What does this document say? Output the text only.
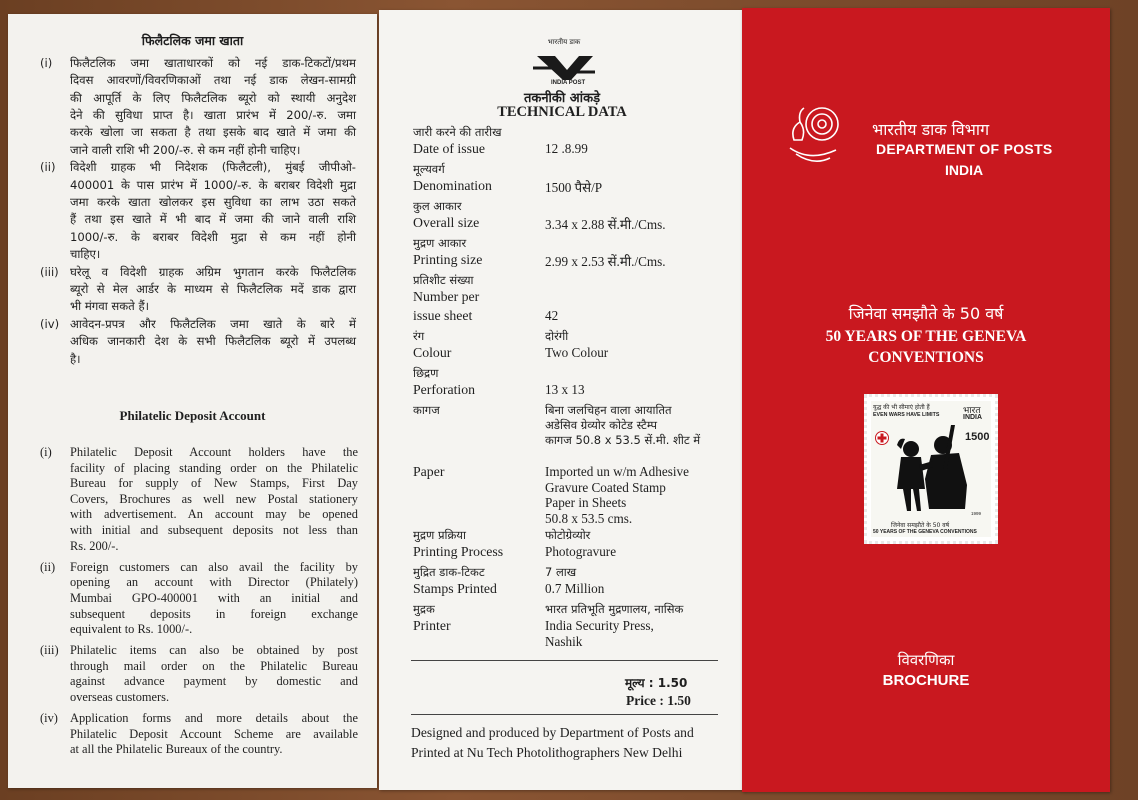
फिलैटलिक जमा खाता
(i) फिलैटलिक जमा खाताधारकों को नई डाक-टिकटों/प्रथम
दिवस आवरणों/विवरणिकाओं तथा नई डाक लेखन-सामग्री
की आपूर्ति के लिए फिलैटलिक ब्यूरो को स्थायी अनुदेश
देने की सुविधा प्राप्त है। खाता प्रारंभ में 200/-रु. जमा
करके खोला जा सकता है तथा इसके बाद खाते में जमा की
जाने वाली राशि भी 200/-रु. से कम नहीं होनी चाहिए।
(ii) विदेशी ग्राहक भी निदेशक (फिलैटली), मुंबई जीपीओ-
400001 के पास प्रारंभ में 1000/-रु. के बराबर विदेशी मुद्रा
जमा करके खाता खोलकर इस सुविधा का लाभ उठा सकते
हैं तथा इस खाते में भी बाद में जमा की जाने वाली राशि
1000/-रु. के बराबर विदेशी मुद्रा से कम नहीं होनी
चाहिए।
(iii) घरेलू व विदेशी ग्राहक अग्रिम भुगतान करके फिलैटलिक
ब्यूरो से मेल आर्डर के माध्यम से फिलैटलिक मदें डाक द्वारा
भी मंगवा सकते हैं।
(iv) आवेदन-प्रपत्र और फिलैटलिक जमा खाते के बारे में
अधिक जानकारी देश के सभी फिलैटलिक ब्यूरो में उपलब्ध
है।
Philatelic Deposit Account
(i) Philatelic Deposit Account holders have the
facility of placing standing order on the Philatelic
Bureau for supply of New Stamps, First Day
Covers, Brochures as well new Postal stationery
with advertisement. An account may be opened
with initial and subsequent deposits not less than
Rs. 200/-.
(ii) Foreign customers can also avail the facility by
opening an account with Director (Philately)
Mumbai GPO-400001 with an initial and
subsequent deposits in foreign exchange
equivalent to Rs. 1000/-.
(iii) Philatelic items can also be obtained by post
through mail order on the Philatelic Bureau
against advance payment by domestic and
overseas customers.
(iv) Application forms and more details about the
Philatelic Deposit Account Scheme are available
at all the Philatelic Bureaux of the country.
भारतीय डाक
INDIA POST
तकनीकी आंकड़े
TECHNICAL DATA
जारी करने की तारीख
Date of issue	12 .8.99
मूल्यवर्ग
Denomination	1500 पैसे/P
कुल आकार
Overall size	3.34 x 2.88 सें.मी./Cms.
मुद्रण आकार
Printing size	2.99 x 2.53 सें.मी./Cms.
प्रतिशीट संख्या
Number per
issue sheet	42
रंग	दोरंगी
Colour	Two Colour
छिद्रण
Perforation	13 x 13
कागज	बिना जलचिहन वाला आयातित
अडेसिव ग्रेव्योर कोटेड स्टैम्प
कागज 50.8 x 53.5 सें.मी. शीट में
Paper	Imported un w/m Adhesive
Gravure Coated Stamp
Paper in Sheets
50.8 x 53.5 cms.
मुद्रण प्रक्रिया	फोटोग्रेव्योर
Printing Process	Photogravure
मुद्रित डाक-टिकट	7 लाख
Stamps Printed	0.7 Million
मुद्रक	भारत प्रतिभूति मुद्रणालय, नासिक
Printer	India Security Press,
Nashik
मूल्य : 1.50
Price : 1.50
Designed and produced by Department of Posts and
Printed at Nu Tech Photolithographers New Delhi
भारतीय डाक विभाग
DEPARTMENT OF POSTS
INDIA
जिनेवा समझौते के 50 वर्ष
50 YEARS OF THE GENEVA
CONVENTIONS
युद्ध की भी सीमाएं होती हैं
EVEN WARS HAVE LIMITS	भारत
INDIA
1500
जिनेवा समझौते के 50 वर्ष
50 YEARS OF THE GENEVA CONVENTIONS
1999
विवरणिका
BROCHURE
